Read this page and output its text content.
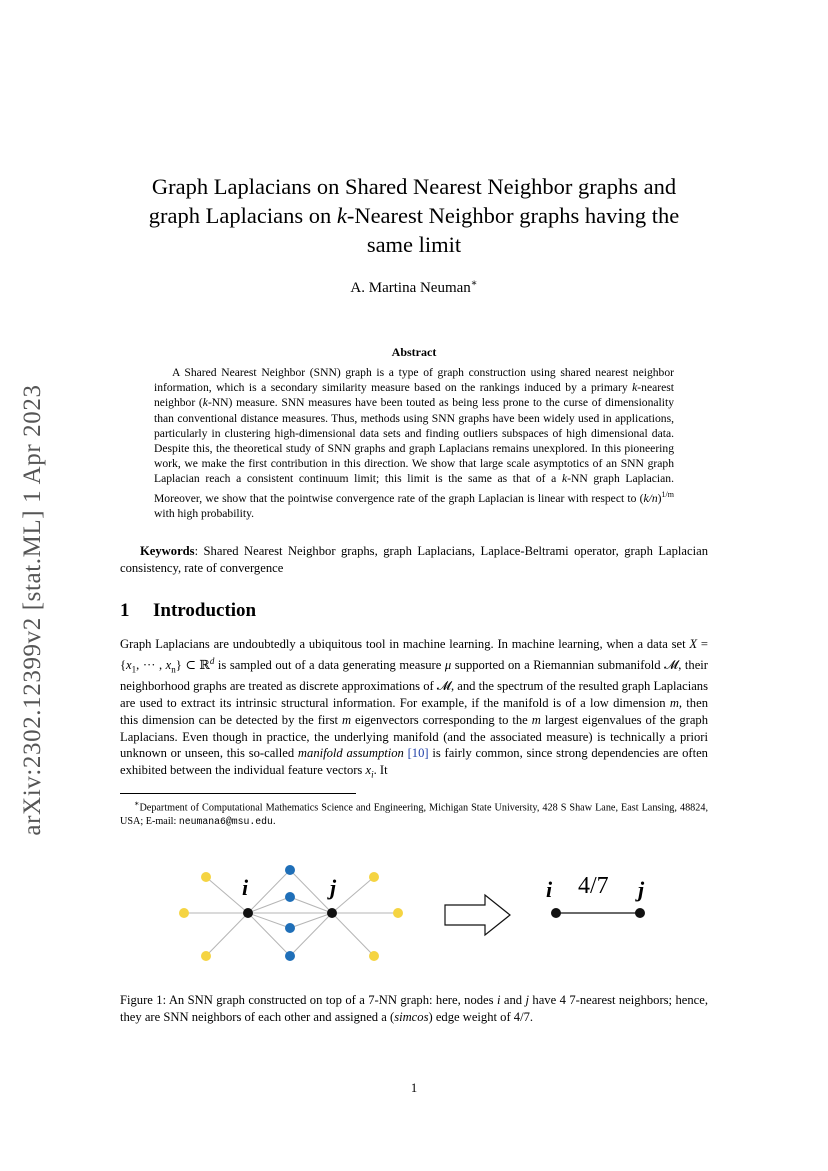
arXiv:2302.12399v2 [stat.ML] 1 Apr 2023
Graph Laplacians on Shared Nearest Neighbor graphs and
graph Laplacians on k-Nearest Neighbor graphs having the
same limit
A. Martina Neuman∗
Abstract
A Shared Nearest Neighbor (SNN) graph is a type of graph construction using shared nearest neighbor information, which is a secondary similarity measure based on the rankings induced by a primary k-nearest neighbor (k-NN) measure. SNN measures have been touted as being less prone to the curse of dimensionality than conventional distance measures. Thus, methods using SNN graphs have been widely used in applications, particularly in clustering high-dimensional data sets and finding outliers subspaces of high dimensional data. Despite this, the theoretical study of SNN graphs and graph Laplacians remains unexplored. In this pioneering work, we make the first contribution in this direction. We show that large scale asymptotics of an SNN graph Laplacian reach a consistent continuum limit; this limit is the same as that of a k-NN graph Laplacian. Moreover, we show that the pointwise convergence rate of the graph Laplacian is linear with respect to $(k/n)^{1/m}$ with high probability.
Keywords: Shared Nearest Neighbor graphs, graph Laplacians, Laplace-Beltrami operator, graph Laplacian consistency, rate of convergence
1 Introduction
Graph Laplacians are undoubtedly a ubiquitous tool in machine learning. In machine learning, when a data set $X = \{x_1$, ··· , $x_n$} ⊂ ℝ$^d$ is sampled out of a data generating measure μ supported on a Riemannian submanifold 𝓜, their neighborhood graphs are treated as discrete approximations of 𝓜, and the spectrum of the resulted graph Laplacians are used to extract its intrinsic structural information. For example, if the manifold is of a low dimension m, then this dimension can be detected by the first m eigenvectors corresponding to the m largest eigenvalues of the graph Laplacians. Even though in practice, the underlying manifold (and the associated measure) is technically a priori unknown or unseen, this so-called manifold assumption [10] is fairly common, since strong dependencies are often exhibited between the individual feature vectors $x_i$. It
∗Department of Computational Mathematics Science and Engineering, Michigan State University, 428 S Shaw Lane, East Lansing, 48824, USA; E-mail: neumana6@msu.edu.
i	j	i 4/7 j
Figure 1: An SNN graph constructed on top of a 7-NN graph: here, nodes i and j have 4 7-nearest neighbors; hence, they are SNN neighbors of each other and assigned a (simcos) edge weight of 4/7.
1
